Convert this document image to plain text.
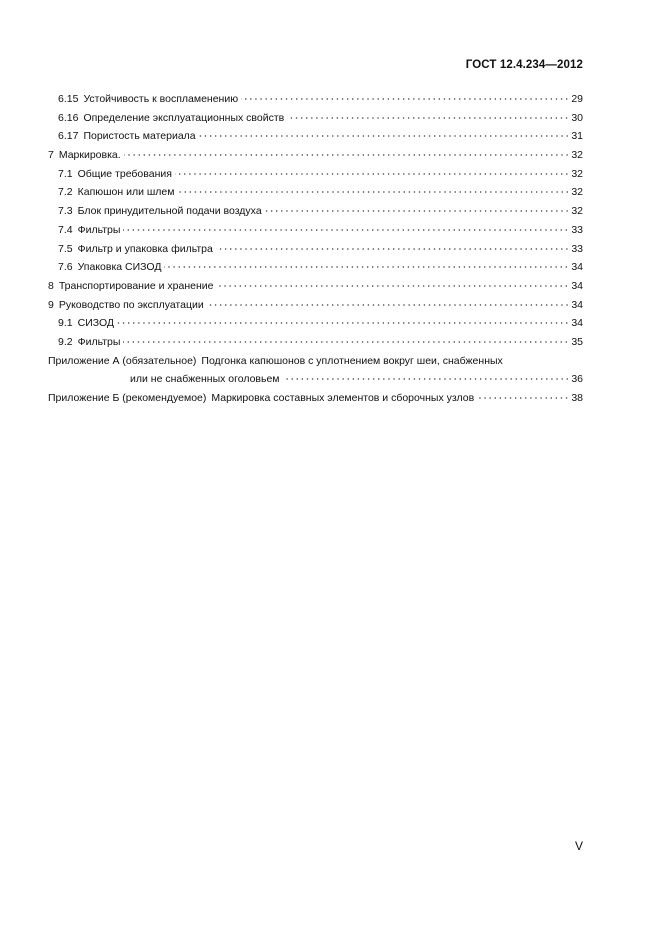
ГОСТ 12.4.234—2012
6.15 Устойчивость к воспламенению	29
6.16 Определение эксплуатационных свойств	30
6.17 Пористость материала	31
7 Маркировка.	32
7.1 Общие требования	32
7.2 Капюшон или шлем	32
7.3 Блок принудительной подачи воздуха	32
7.4 Фильтры	33
7.5 Фильтр и упаковка фильтра	33
7.6 Упаковка СИЗОД	34
8 Транспортирование и хранение	34
9 Руководство по эксплуатации	34
9.1 СИЗОД	34
9.2 Фильтры	35
Приложение А (обязательное) Подгонка капюшонов с уплотнением вокруг шеи, снабженных
или не снабженных оголовьем	36
Приложение Б (рекомендуемое) Маркировка составных элементов и сборочных узлов	38
V
